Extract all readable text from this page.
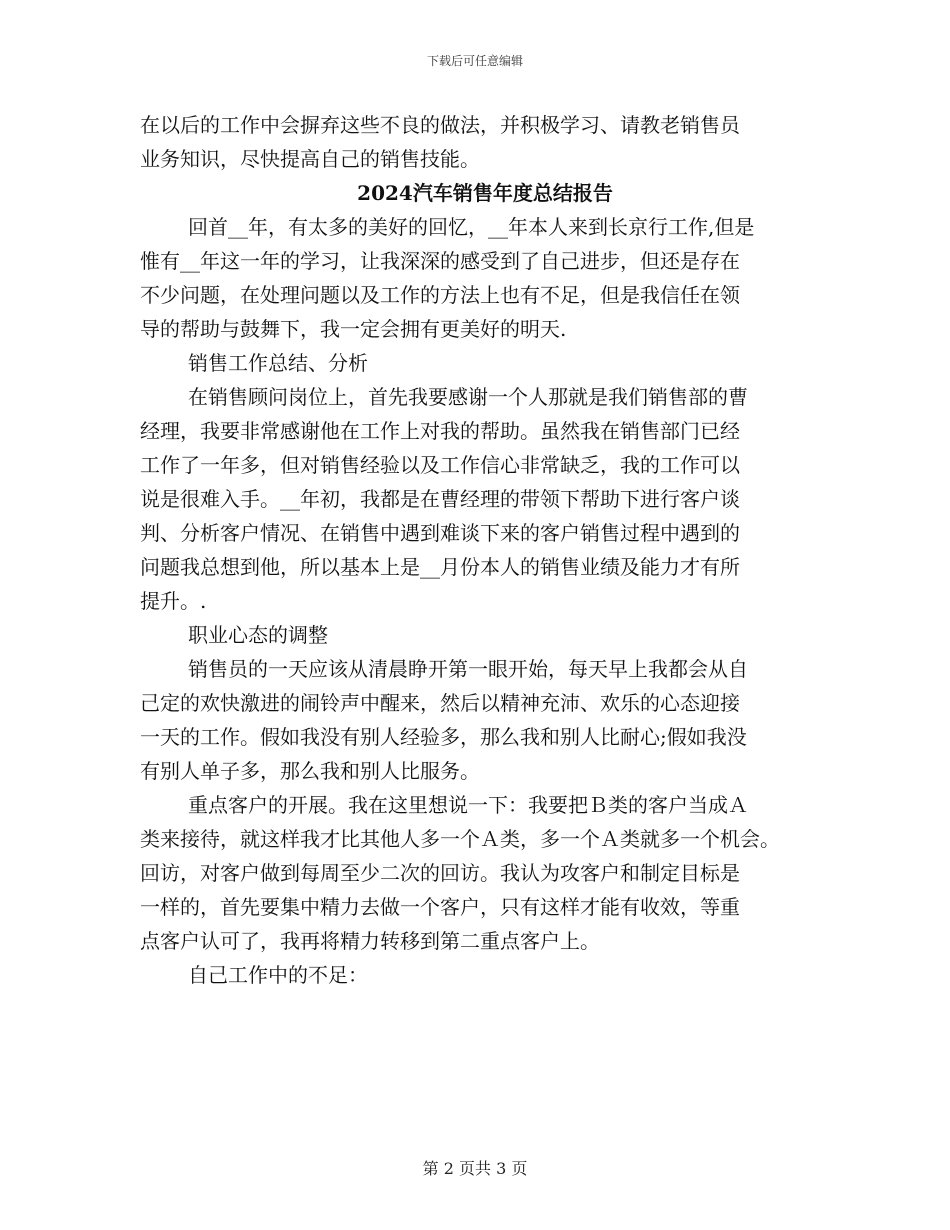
下载后可任意编辑
在以后的工作中会摒弃这些不良的做法，并积极学习、请教老销售员
业务知识，尽快提高自己的销售技能。
2024汽车销售年度总结报告
回首__年，有太多的美好的回忆，__年本人来到长京行工作,但是
惟有__年这一年的学习，让我深深的感受到了自己进步，但还是存在
不少问题，在处理问题以及工作的方法上也有不足，但是我信任在领
导的帮助与鼓舞下，我一定会拥有更美好的明天.
销售工作总结、分析
在销售顾问岗位上，首先我要感谢一个人那就是我们销售部的曹
经理，我要非常感谢他在工作上对我的帮助。虽然我在销售部门已经
工作了一年多，但对销售经验以及工作信心非常缺乏，我的工作可以
说是很难入手。__年初，我都是在曹经理的带领下帮助下进行客户谈
判、分析客户情况、在销售中遇到难谈下来的客户销售过程中遇到的
问题我总想到他，所以基本上是__月份本人的销售业绩及能力才有所
提升。.
职业心态的调整
销售员的一天应该从清晨睁开第一眼开始，每天早上我都会从自
己定的欢快激进的闹铃声中醒来，然后以精神充沛、欢乐的心态迎接
一天的工作。假如我没有别人经验多，那么我和别人比耐心;假如我没
有别人单子多，那么我和别人比服务。
重点客户的开展。我在这里想说一下：我要把Ｂ类的客户当成Ａ
类来接待，就这样我才比其他人多一个Ａ类，多一个Ａ类就多一个机会。
回访，对客户做到每周至少二次的回访。我认为攻客户和制定目标是
一样的，首先要集中精力去做一个客户，只有这样才能有收效，等重
点客户认可了，我再将精力转移到第二重点客户上。
自己工作中的不足：
第 2 页共 3 页
